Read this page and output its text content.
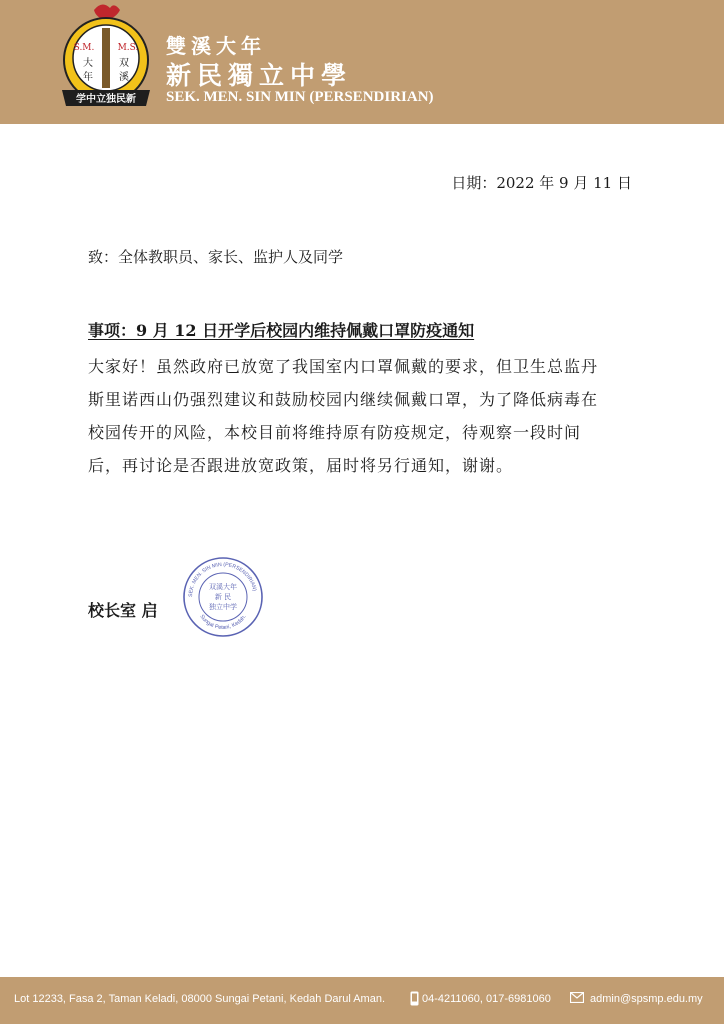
S.M.	M.S.
大
年
双
溪
学中立独民新
雙溪大年
新民獨立中學
SEK. MEN. SIN MIN (PERSENDIRIAN)
日期：2022 年 9 月 11 日
致：全体教职员、家长、监护人及同学
事项：9 月 12 日开学后校园内维持佩戴口罩防疫通知
大家好！虽然政府已放宽了我国室内口罩佩戴的要求，但卫生总监丹
斯里诺西山仍强烈建议和鼓励校园内继续佩戴口罩，为了降低病毒在
校园传开的风险，本校目前将维持原有防疫规定，待观察一段时间
后，再讨论是否跟进放宽政策，届时将另行通知，谢谢。
校长室 启
SEK. MEN. SIN MIN (PERSENDIRIAN)
Sungai Petani, Kedah.
双溪大年
新 民
独立中学
Lot 12233, Fasa 2, Taman Keladi, 08000 Sungai Petani, Kedah Darul Aman.	04-4211060, 017-6981060	admin@spsmp.edu.my
